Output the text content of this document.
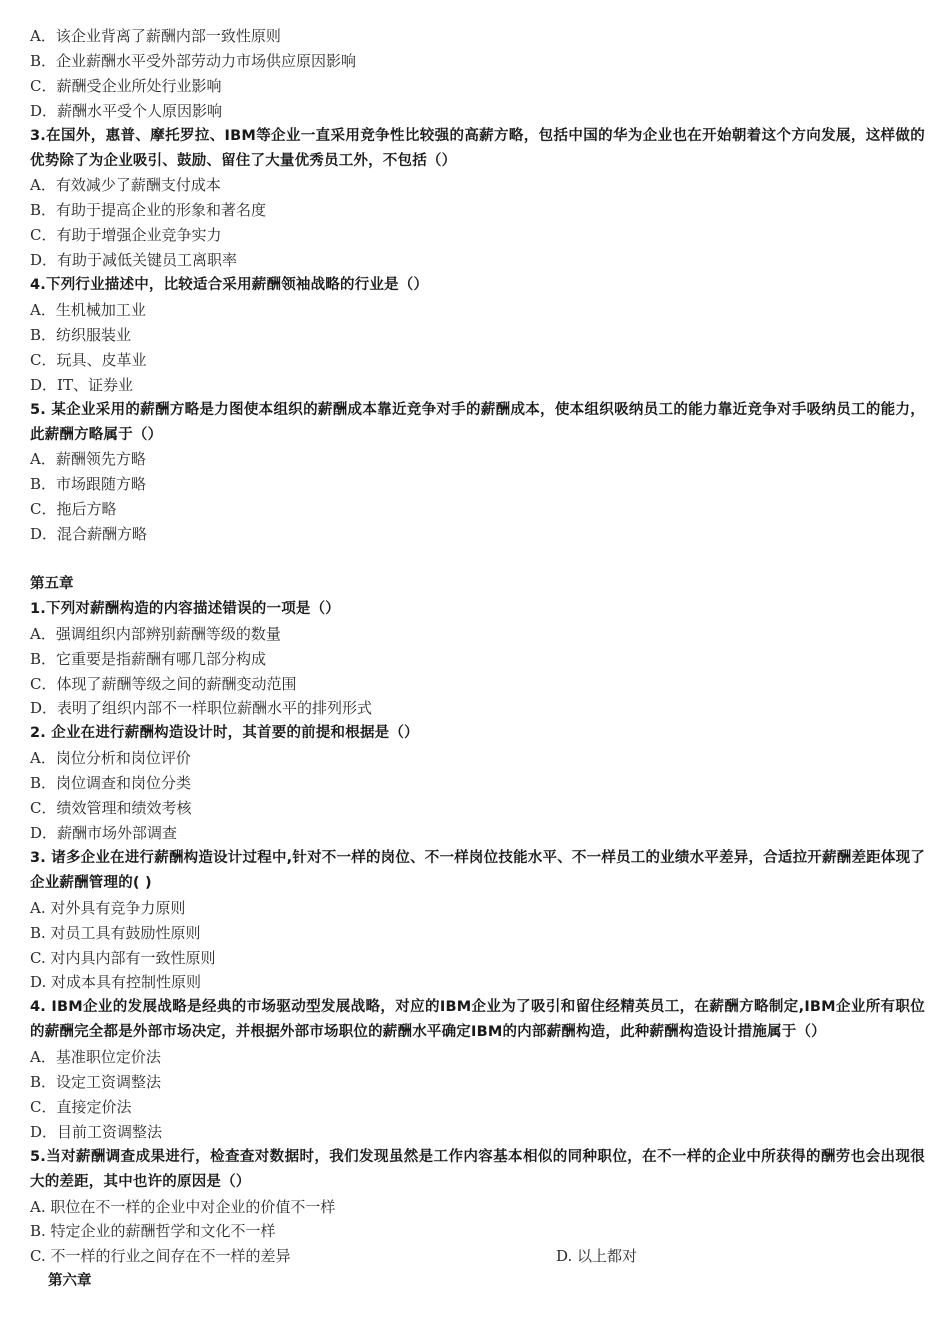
A．该企业背离了薪酬内部一致性原则
B．企业薪酬水平受外部劳动力市场供应原因影响
C．薪酬受企业所处行业影响
D．薪酬水平受个人原因影响
3.在国外，惠普、摩托罗拉、IBM等企业一直采用竞争性比较强的高薪方略，包括中国的华为企业也在开始朝着这个方向发展，这样做的优势除了为企业吸引、鼓励、留住了大量优秀员工外，不包括（）
A．有效减少了薪酬支付成本
B．有助于提高企业的形象和著名度
C．有助于增强企业竞争实力
D．有助于减低关键员工离职率
4.下列行业描述中，比较适合采用薪酬领袖战略的行业是（）
A．生机械加工业
B．纺织服装业
C．玩具、皮革业
D．IT、证券业
5. 某企业采用的薪酬方略是力图使本组织的薪酬成本靠近竞争对手的薪酬成本，使本组织吸纳员工的能力靠近竞争对手吸纳员工的能力，此薪酬方略属于（）
A．薪酬领先方略
B．市场跟随方略
C．拖后方略
D．混合薪酬方略
第五章
1.下列对薪酬构造的内容描述错误的一项是（）
A．强调组织内部辨别薪酬等级的数量
B．它重要是指薪酬有哪几部分构成
C．体现了薪酬等级之间的薪酬变动范围
D．表明了组织内部不一样职位薪酬水平的排列形式
2. 企业在进行薪酬构造设计时，其首要的前提和根据是（）
A．岗位分析和岗位评价
B．岗位调查和岗位分类
C．绩效管理和绩效考核
D．薪酬市场外部调查
3. 诸多企业在进行薪酬构造设计过程中,针对不一样的岗位、不一样岗位技能水平、不一样员工的业绩水平差异，合适拉开薪酬差距体现了企业薪酬管理的( )
A. 对外具有竞争力原则
B. 对员工具有鼓励性原则
C. 对内具内部有一致性原则
D. 对成本具有控制性原则
4. IBM企业的发展战略是经典的市场驱动型发展战略，对应的IBM企业为了吸引和留住经精英员工，在薪酬方略制定,IBM企业所有职位的薪酬完全都是外部市场决定，并根据外部市场职位的薪酬水平确定IBM的内部薪酬构造，此种薪酬构造设计措施属于（）
A．基准职位定价法
B．设定工资调整法
C．直接定价法
D．目前工资调整法
5.当对薪酬调查成果进行，检查查对数据时，我们发现虽然是工作内容基本相似的同种职位，在不一样的企业中所获得的酬劳也会出现很大的差距，其中也许的原因是（）
A. 职位在不一样的企业中对企业的价值不一样
B. 特定企业的薪酬哲学和文化不一样
C. 不一样的行业之间存在不一样的差异	D. 以上都对
第六章
